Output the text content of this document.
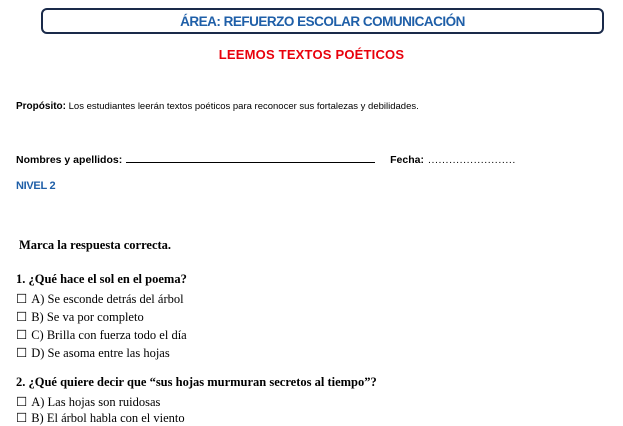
ÁREA: REFUERZO ESCOLAR COMUNICACIÓN
LEEMOS TEXTOS POÉTICOS
Propósito: Los estudiantes leerán textos poéticos para reconocer sus fortalezas y debilidades.
Nombres y apellidos:	Fecha: .........................
NIVEL 2
Marca la respuesta correcta.
1. ¿Qué hace el sol en el poema?
☐ A) Se esconde detrás del árbol
☐ B) Se va por completo
☐ C) Brilla con fuerza todo el día
☐ D) Se asoma entre las hojas
2. ¿Qué quiere decir que “sus hojas murmuran secretos al tiempo”?
☐ A) Las hojas son ruidosas
☐ B) El árbol habla con el viento
